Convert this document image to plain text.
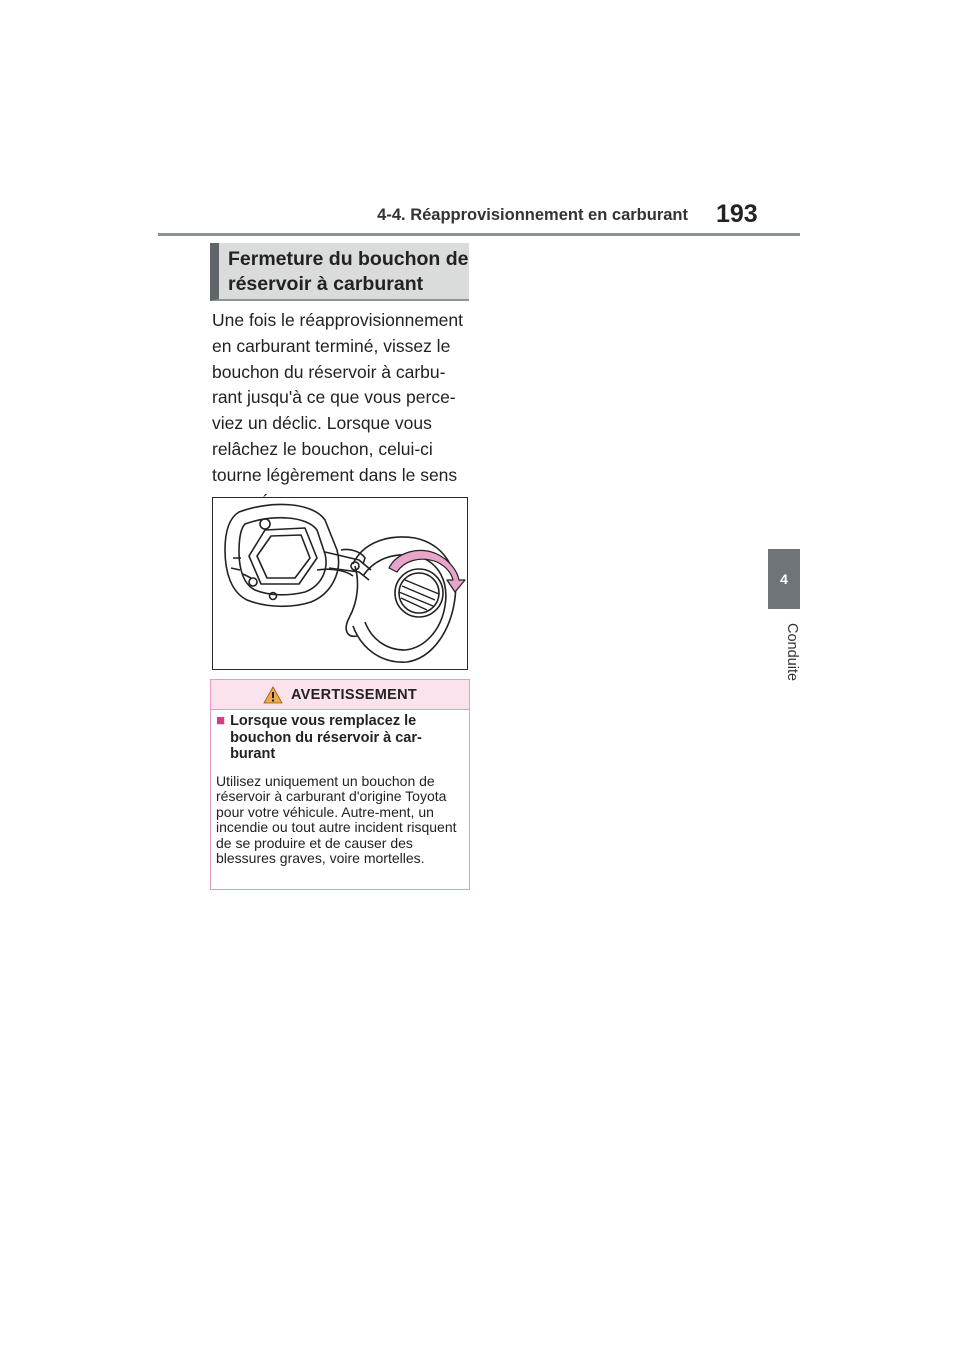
4-4. Réapprovisionnement en carburant 193
4
Conduite
Fermeture du bouchon de réservoir à carburant

Une fois le réapprovisionnement en carburant terminé, vissez le bouchon du réservoir à carbu-rant jusqu'à ce que vous perce-viez un déclic. Lorsque vous relâchez le bouchon, celui-ci tourne légèrement dans le sens

AVERTISSEMENT
■ Lorsque vous remplacez le bouchon du réservoir à car-burant
Utilisez uniquement un bouchon de réservoir à carburant d'origine Toyota pour votre véhicule. Autre-ment, un incendie ou tout autre incident risquent de se produire et de causer des blessures graves, voire mortelles.
